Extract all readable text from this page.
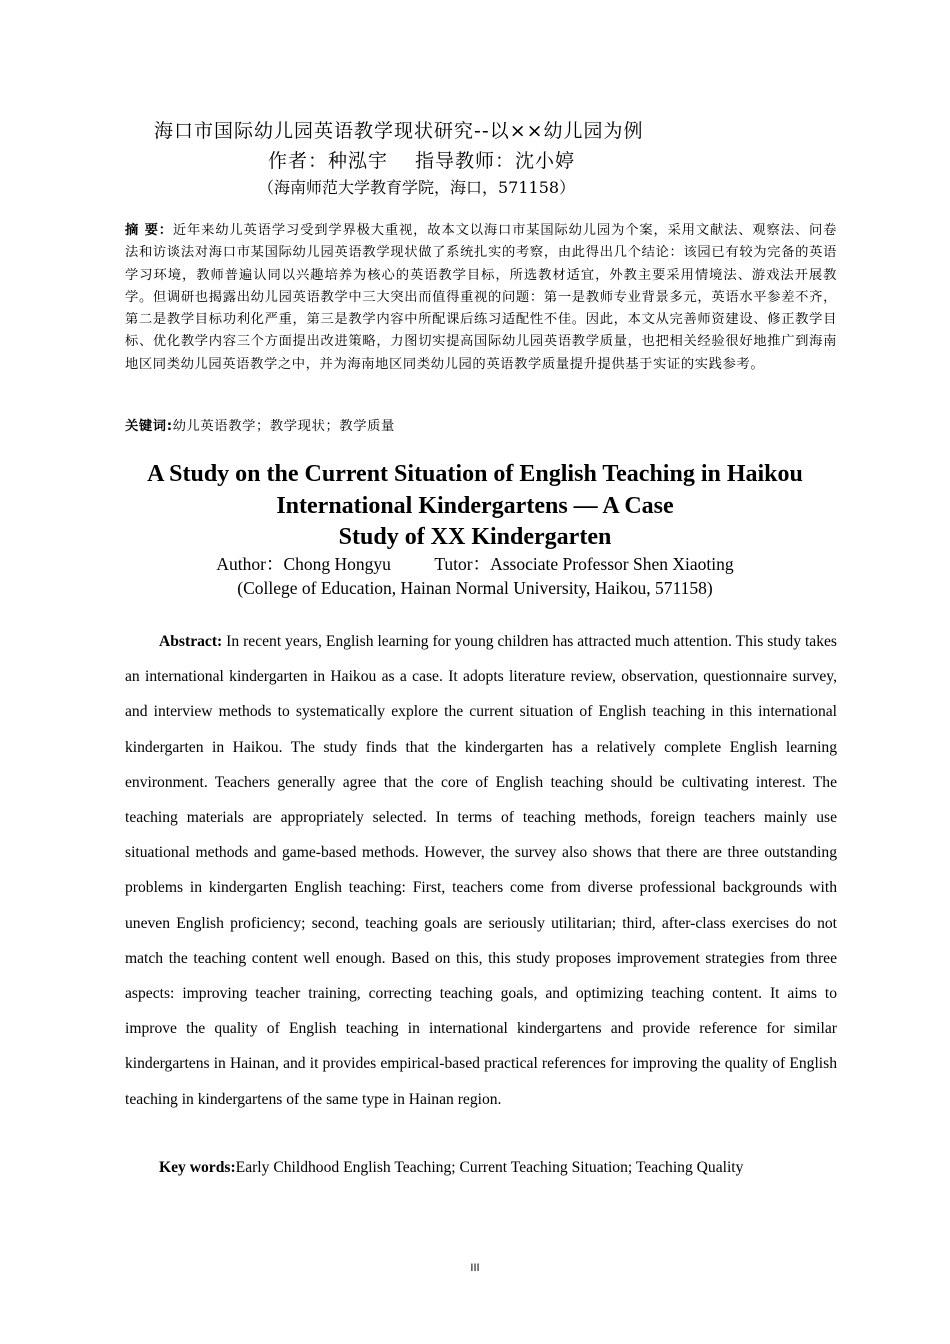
海口市国际幼儿园英语教学现状研究--以××幼儿园为例
作者：种泓宇　 指导教师：沈小婷
（海南师范大学教育学院，海口，571158）
摘 要：近年来幼儿英语学习受到学界极大重视，故本文以海口市某国际幼儿园为个案，采用文献法、观察法、问卷法和访谈法对海口市某国际幼儿园英语教学现状做了系统扎实的考察，由此得出几个结论：该园已有较为完备的英语学习环境，教师普遍认同以兴趣培养为核心的英语教学目标，所选教材适宜，外教主要采用情境法、游戏法开展教学。但调研也揭露出幼儿园英语教学中三大突出而值得重视的问题：第一是教师专业背景多元，英语水平参差不齐，第二是教学目标功利化严重，第三是教学内容中所配课后练习适配性不佳。因此，本文从完善师资建设、修正教学目标、优化教学内容三个方面提出改进策略，力图切实提高国际幼儿园英语教学质量，也把相关经验很好地推广到海南地区同类幼儿园英语教学之中，并为海南地区同类幼儿园的英语教学质量提升提供基于实证的实践参考。
关键词:幼儿英语教学；教学现状；教学质量
A Study on the Current Situation of English Teaching in Haikou
International Kindergartens — A Case
Study of XX Kindergarten
Author：Chong Hongyu          Tutor：Associate Professor Shen Xiaoting
(College of Education, Hainan Normal University, Haikou, 571158)
Abstract: In recent years, English learning for young children has attracted much attention. This study takes an international kindergarten in Haikou as a case. It adopts literature review, observation, questionnaire survey, and interview methods to systematically explore the current situation of English teaching in this international kindergarten in Haikou. The study finds that the kindergarten has a relatively complete English learning environment. Teachers generally agree that the core of English teaching should be cultivating interest. The teaching materials are appropriately selected. In terms of teaching methods, foreign teachers mainly use situational methods and game-based methods. However, the survey also shows that there are three outstanding problems in kindergarten English teaching: First, teachers come from diverse professional backgrounds with uneven English proficiency; second, teaching goals are seriously utilitarian; third, after-class exercises do not match the teaching content well enough. Based on this, this study proposes improvement strategies from three aspects: improving teacher training, correcting teaching goals, and optimizing teaching content. It aims to improve the quality of English teaching in international kindergartens and provide reference for similar kindergartens in Hainan, and it provides empirical-based practical references for improving the quality of English teaching in kindergartens of the same type in Hainan region.
Key words:Early Childhood English Teaching; Current Teaching Situation; Teaching Quality
III
